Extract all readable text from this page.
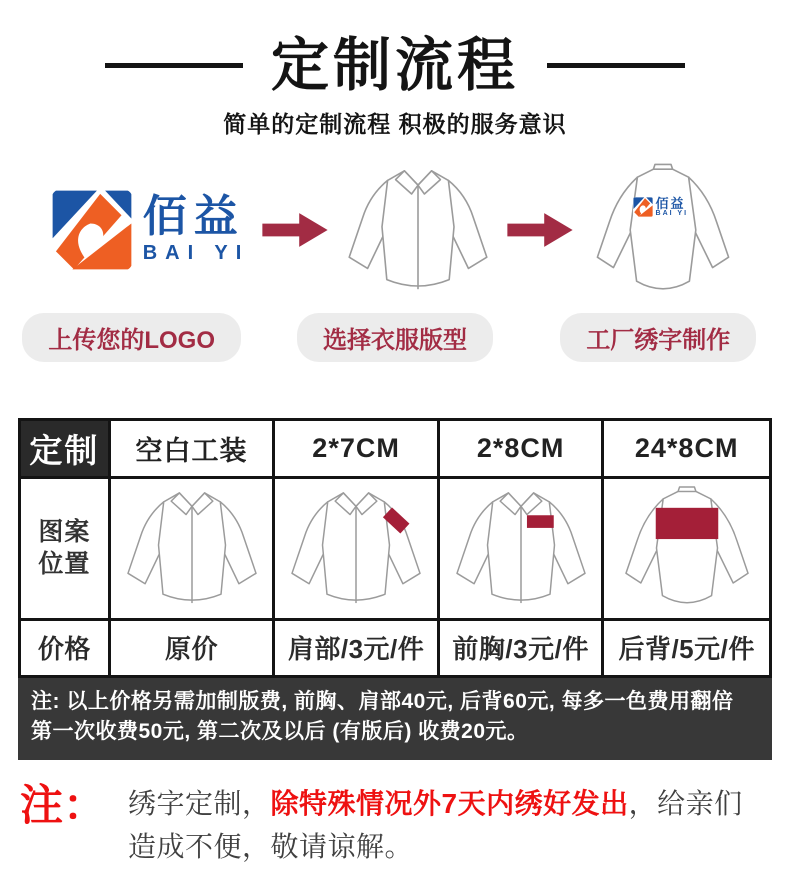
定制流程
简单的定制流程 积极的服务意识
佰益
BAI YI
佰益
BAI YI
上传您的LOGO	选择衣服版型	工厂绣字制作
定制	空白工装	2*7CM	2*8CM	24*8CM
图案
位置
价格	原价	肩部/3元/件	前胸/3元/件	后背/5元/件
注: 以上价格另需加制版费, 前胸、肩部40元, 后背60元, 每多一色费用翻倍
第一次收费50元, 第二次及以后 (有版后) 收费20元。
注： 绣字定制，除特殊情况外7天内绣好发出，给亲们造成不便，敬请谅解。
